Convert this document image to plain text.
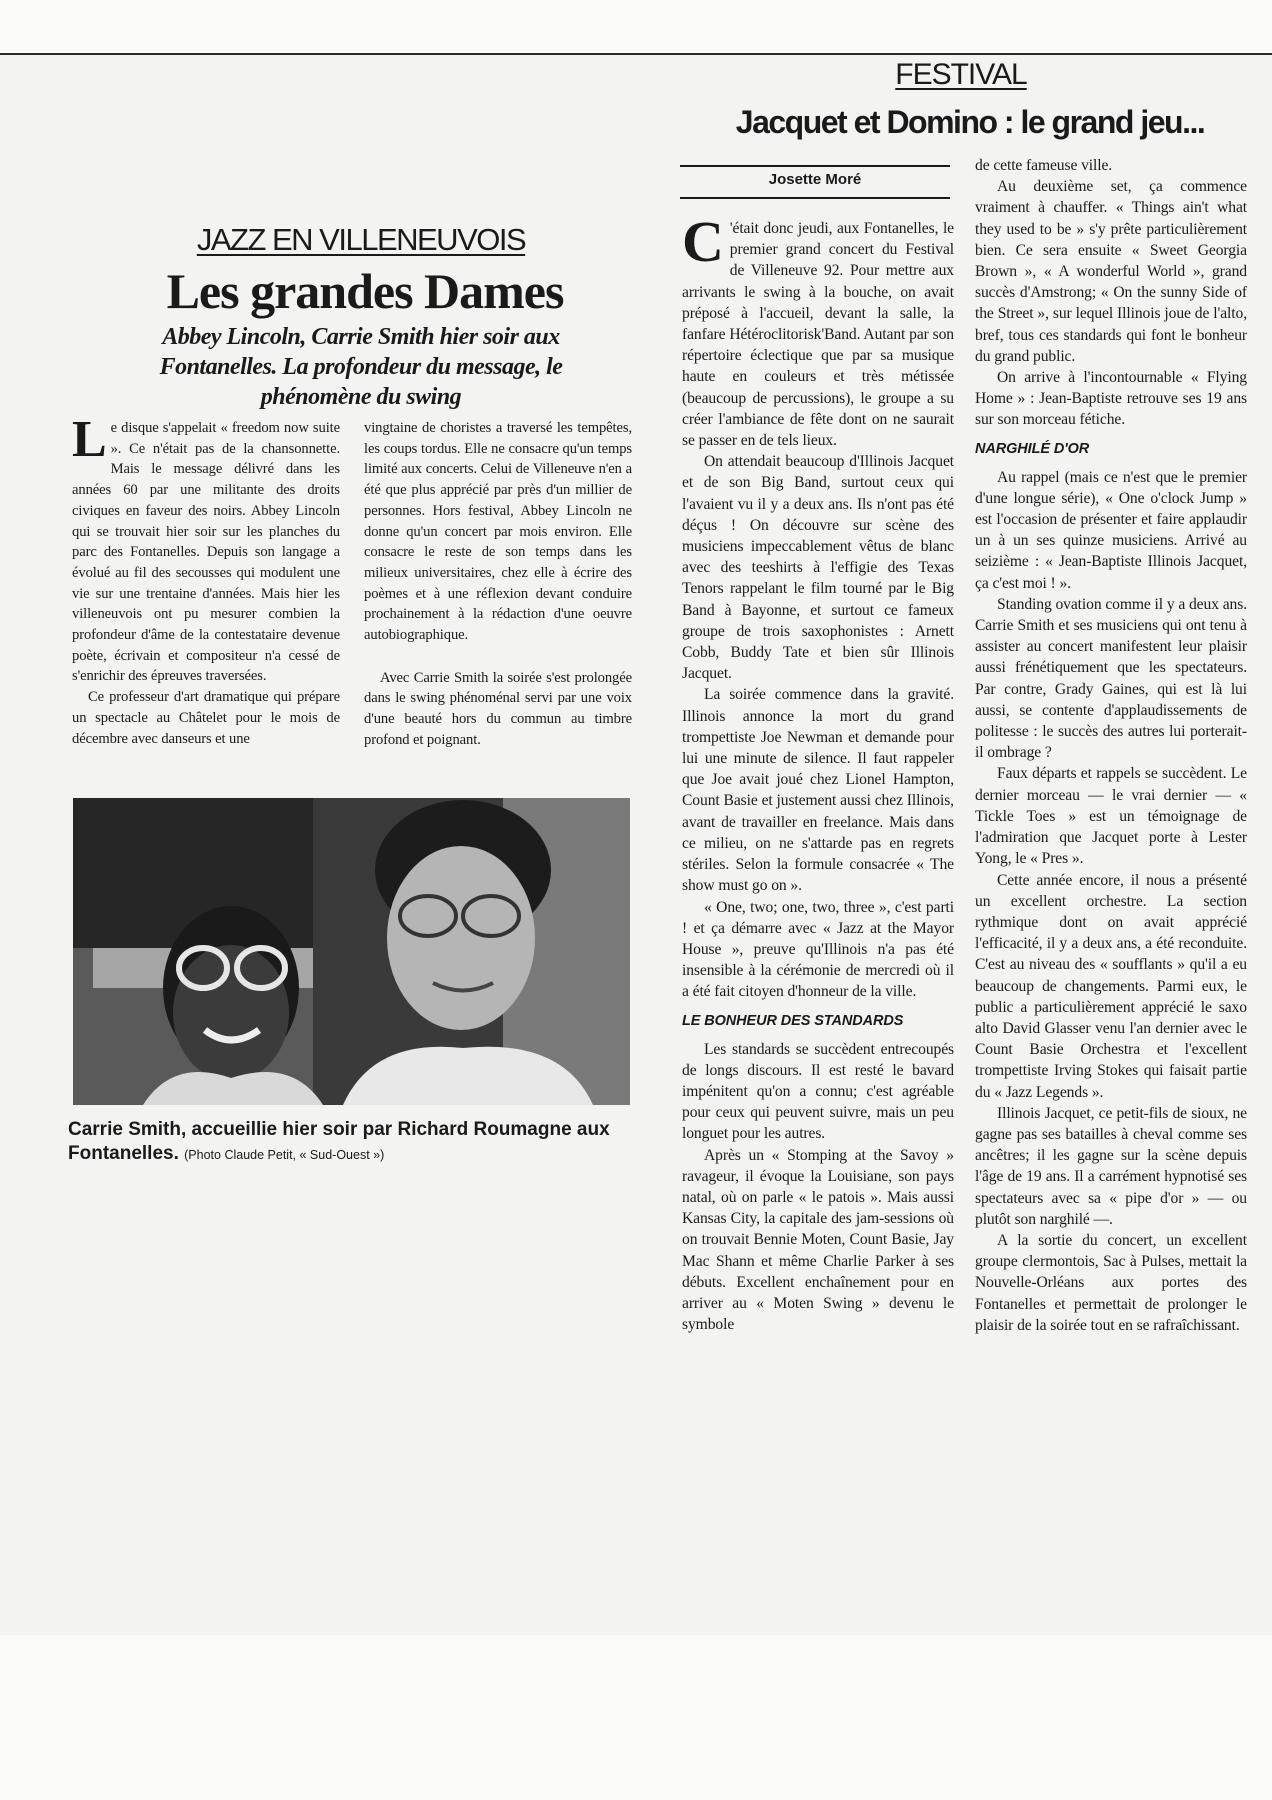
JAZZ EN VILLENEUVOIS
Les grandes Dames
Abbey Lincoln, Carrie Smith hier soir aux Fontanelles. La profondeur du message, le phénomène du swing

Le disque s'appelait « freedom now suite ». Ce n'était pas de la chansonnette. Mais le message délivré dans les années 60 par une militante des droits civiques en faveur des noirs. Abbey Lincoln qui se trouvait hier soir sur les planches du parc des Fontanelles. Depuis son langage a évolué au fil des secousses qui modulent une vie sur une trentaine d'années. Mais hier les villeneuvois ont pu mesurer combien la profondeur d'âme de la contestataire devenue poète, écrivain et compositeur n'a cessé de s'enrichir des épreuves traversées.

Ce professeur d'art dramatique qui prépare un spectacle au Châtelet pour le mois de décembre avec danseurs et une

vingtaine de choristes a traversé les tempêtes, les coups tordus. Elle ne consacre qu'un temps limité aux concerts. Celui de Villeneuve n'en a été que plus apprécié par près d'un millier de personnes. Hors festival, Abbey Lincoln ne donne qu'un concert par mois environ. Elle consacre le reste de son temps dans les milieux universitaires, chez elle à écrire des poèmes et à une réflexion devant conduire prochainement à la rédaction d'une oeuvre autobiographique.

Avec Carrie Smith la soirée s'est prolongée dans le swing phénoménal servi par une voix d'une beauté hors du commun au timbre profond et poignant.

Carrie Smith, accueillie hier soir par Richard Roumagne aux Fontanelles. (Photo Claude Petit, « Sud-Ouest »)
FESTIVAL
Jacquet et Domino : le grand jeu...
Josette Moré

C 'était donc jeudi, aux Fontanelles, le premier grand concert du Festival de Villeneuve 92. Pour mettre aux arrivants le swing à la bouche, on avait préposé à l'accueil, devant la salle, la fanfare Hétéroclitorisk'Band. Autant par son répertoire éclectique que par sa musique haute en couleurs et très métissée (beaucoup de percussions), le groupe a su créer l'ambiance de fête dont on ne saurait se passer en de tels lieux.

On attendait beaucoup d'Illinois Jacquet et de son Big Band, surtout ceux qui l'avaient vu il y a deux ans. Ils n'ont pas été déçus ! On découvre sur scène des musiciens impeccablement vêtus de blanc avec des teeshirts à l'effigie des Texas Tenors rappelant le film tourné par le Big Band à Bayonne, et surtout ce fameux groupe de trois saxophonistes : Arnett Cobb, Buddy Tate et bien sûr Illinois Jacquet.

La soirée commence dans la gravité. Illinois annonce la mort du grand trompettiste Joe Newman et demande pour lui une minute de silence. Il faut rappeler que Joe avait joué chez Lionel Hampton, Count Basie et justement aussi chez Illinois, avant de travailler en freelance. Mais dans ce milieu, on ne s'attarde pas en regrets stériles. Selon la formule consacrée « The show must go on ».

« One, two; one, two, three », c'est parti ! et ça démarre avec « Jazz at the Mayor House », preuve qu'Illinois n'a pas été insensible à la cérémonie de mercredi où il a été fait citoyen d'honneur de la ville.

LE BONHEUR DES STANDARDS

Les standards se succèdent entrecoupés de longs discours. Il est resté le bavard impénitent qu'on a connu; c'est agréable pour ceux qui peuvent suivre, mais un peu longuet pour les autres.

Après un « Stomping at the Savoy » ravageur, il évoque la Louisiane, son pays natal, où on parle « le patois ». Mais aussi Kansas City, la capitale des jam-sessions où on trouvait Bennie Moten, Count Basie, Jay Mac Shann et même Charlie Parker à ses débuts. Excellent enchaînement pour en arriver au « Moten Swing » devenu le symbole

de cette fameuse ville.

Au deuxième set, ça commence vraiment à chauffer. « Things ain't what they used to be » s'y prête particulièrement bien. Ce sera ensuite « Sweet Georgia Brown », « A wonderful World », grand succès d'Amstrong; « On the sunny Side of the Street », sur lequel Illinois joue de l'alto, bref, tous ces standards qui font le bonheur du grand public.

On arrive à l'incontournable « Flying Home » : Jean-Baptiste retrouve ses 19 ans sur son morceau fétiche.

NARGHILÉ D'OR

Au rappel (mais ce n'est que le premier d'une longue série), « One o'clock Jump » est l'occasion de présenter et faire applaudir un à un ses quinze musiciens. Arrivé au seizième : « Jean-Baptiste Illinois Jacquet, ça c'est moi ! ».

Standing ovation comme il y a deux ans. Carrie Smith et ses musiciens qui ont tenu à assister au concert manifestent leur plaisir aussi frénétiquement que les spectateurs. Par contre, Grady Gaines, qui est là lui aussi, se contente d'applaudissements de politesse : le succès des autres lui porterait-il ombrage ?

Faux départs et rappels se succèdent. Le dernier morceau — le vrai dernier — « Tickle Toes » est un témoignage de l'admiration que Jacquet porte à Lester Yong, le « Pres ».

Cette année encore, il nous a présenté un excellent orchestre. La section rythmique dont on avait apprécié l'efficacité, il y a deux ans, a été reconduite. C'est au niveau des « soufflants » qu'il a eu beaucoup de changements. Parmi eux, le public a particulièrement apprécié le saxo alto David Glasser venu l'an dernier avec le Count Basie Orchestra et l'excellent trompettiste Irving Stokes qui faisait partie du « Jazz Legends ».

Illinois Jacquet, ce petit-fils de sioux, ne gagne pas ses batailles à cheval comme ses ancêtres; il les gagne sur la scène depuis l'âge de 19 ans. Il a carrément hypnotisé ses spectateurs avec sa « pipe d'or » — ou plutôt son narghilé —.

A la sortie du concert, un excellent groupe clermontois, Sac à Pulses, mettait la Nouvelle-Orléans aux portes des Fontanelles et permettait de prolonger le plaisir de la soirée tout en se rafraîchissant.
